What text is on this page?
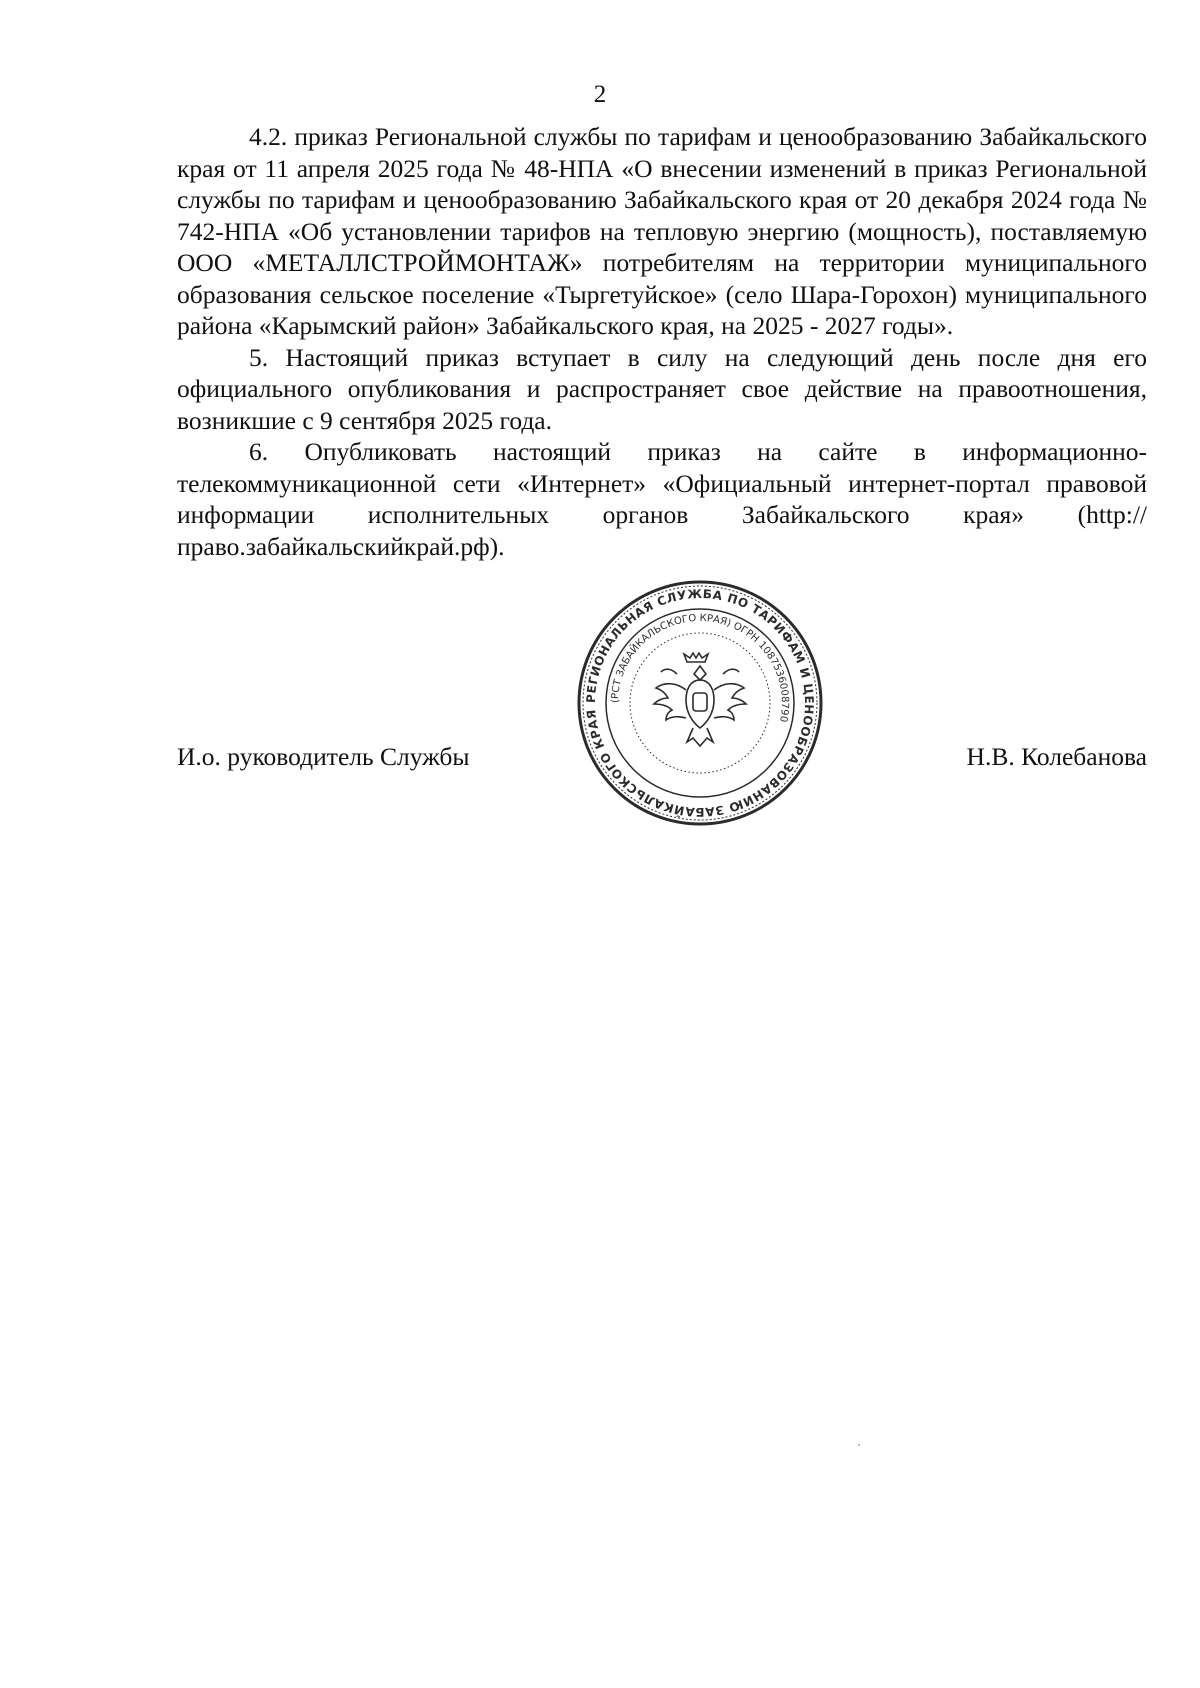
2

4.2. приказ Региональной службы по тарифам и ценообразованию Забайкальского края от 11 апреля 2025 года № 48-НПА «О внесении изменений в приказ Региональной службы по тарифам и ценообразованию Забайкальского края от 20 декабря 2024 года № 742-НПА «Об установлении тарифов на тепловую энергию (мощность), поставляемую ООО «МЕТАЛЛСТРОЙМОНТАЖ» потребителям на территории муниципального образования сельское поселение «Тыргетуйское» (село Шара-Горохон) муниципального района «Карымский район» Забайкальского края, на 2025 - 2027 годы».

5. Настоящий приказ вступает в силу на следующий день после дня его официального опубликования и распространяет свое действие на правоотношения, возникшие с 9 сентября 2025 года.

6. Опубликовать настоящий приказ на сайте в информационно-телекоммуникационной сети «Интернет» «Официальный интернет-портал правовой информации исполнительных органов Забайкальского края» (http://право.забайкальскийкрай.рф).

И.о. руководитель Службы	Н.В. Колебанова
РЕГИОНАЛЬНАЯ СЛУЖБА ПО ТАРИФАМ И ЦЕНООБРАЗОВАНИЮ ЗАБАЙКАЛЬСКОГО КРАЯ
(РСТ ЗАБАЙКАЛЬСКОГО КРАЯ) ОГРН 1087536008790
